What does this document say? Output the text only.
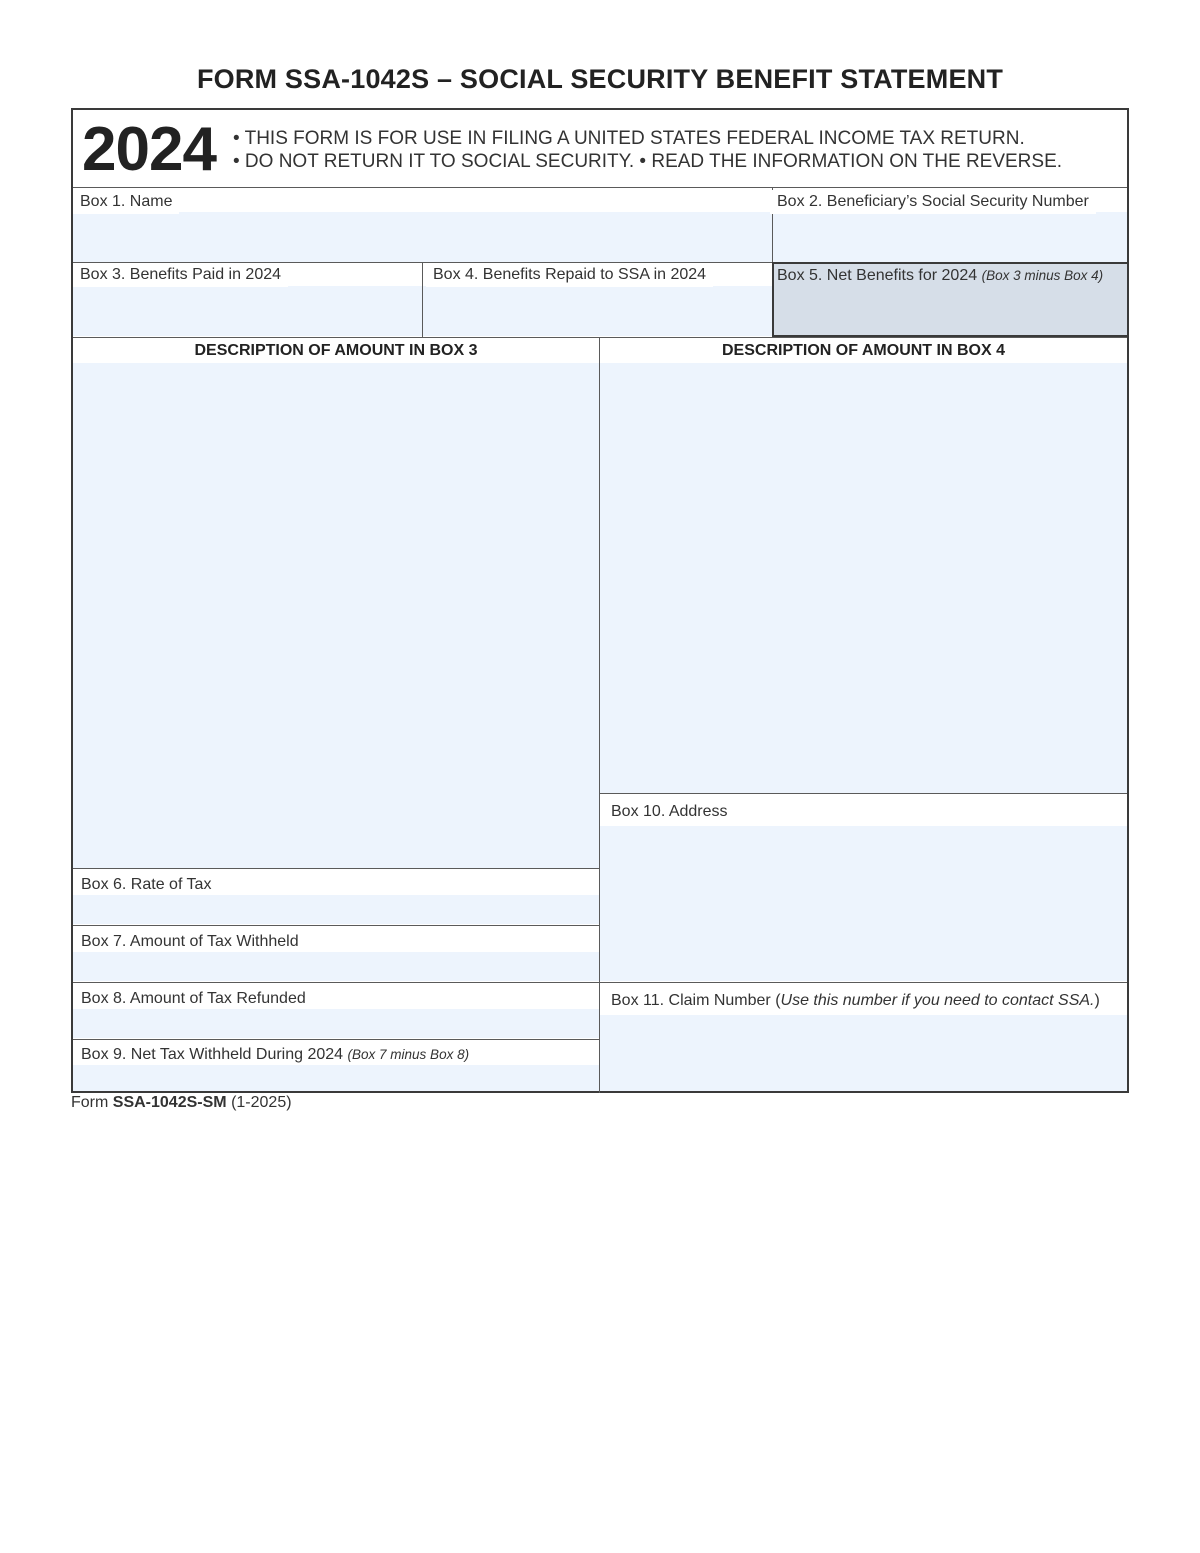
FORM SSA-1042S – SOCIAL SECURITY BENEFIT STATEMENT
2024 • THIS FORM IS FOR USE IN FILING A UNITED STATES FEDERAL INCOME TAX RETURN.
• DO NOT RETURN IT TO SOCIAL SECURITY. • READ THE INFORMATION ON THE REVERSE.
Box 1. Name	Box 2. Beneficiary’s Social Security Number
Box 3. Benefits Paid in 2024	Box 4. Benefits Repaid to SSA in 2024	Box 5. Net Benefits for 2024 (Box 3 minus Box 4)
DESCRIPTION OF AMOUNT IN BOX 3	DESCRIPTION OF AMOUNT IN BOX 4
Box 10. Address
Box 11. Claim Number (Use this number if you need to contact SSA.)
Box 6. Rate of Tax
Box 7. Amount of Tax Withheld
Box 8. Amount of Tax Refunded
Box 9. Net Tax Withheld During 2024 (Box 7 minus Box 8)
Form SSA-1042S-SM (1-2025)
